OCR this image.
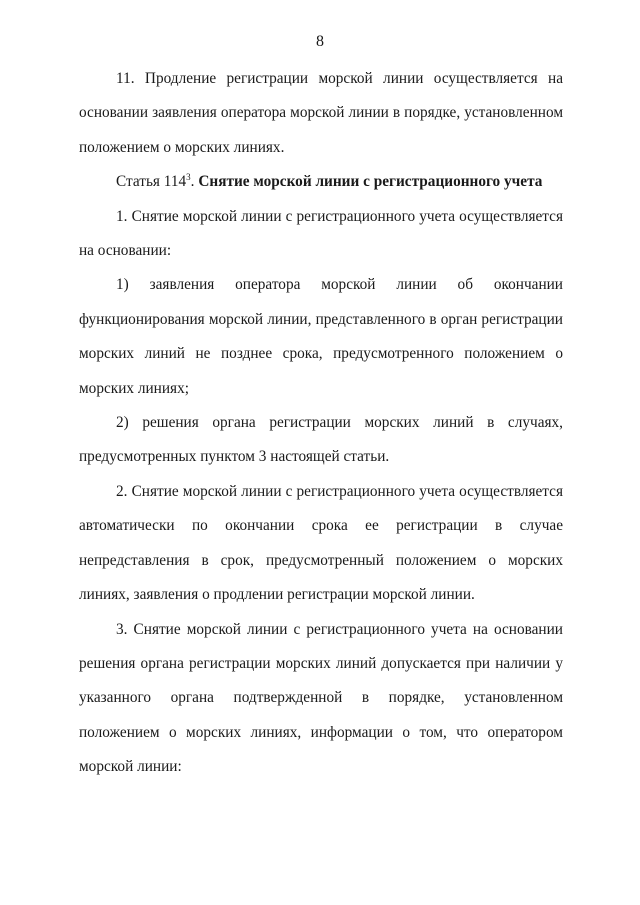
8

11. Продление регистрации морской линии осуществляется на основании заявления оператора морской линии в порядке, установленном положением о морских линиях.

Статья $114^3$. Снятие морской линии с регистрационного учета

1. Снятие морской линии с регистрационного учета осуществляется на основании:

1) заявления оператора морской линии об окончании функционирования морской линии, представленного в орган регистрации морских линий не позднее срока, предусмотренного положением о морских линиях;

2) решения органа регистрации морских линий в случаях, предусмотренных пунктом 3 настоящей статьи.

2. Снятие морской линии с регистрационного учета осуществляется автоматически по окончании срока ее регистрации в случае непредставления в срок, предусмотренный положением о морских линиях, заявления о продлении регистрации морской линии.

3. Снятие морской линии с регистрационного учета на основании решения органа регистрации морских линий допускается при наличии у указанного органа подтвержденной в порядке, установленном положением о морских линиях, информации о том, что оператором морской линии:
